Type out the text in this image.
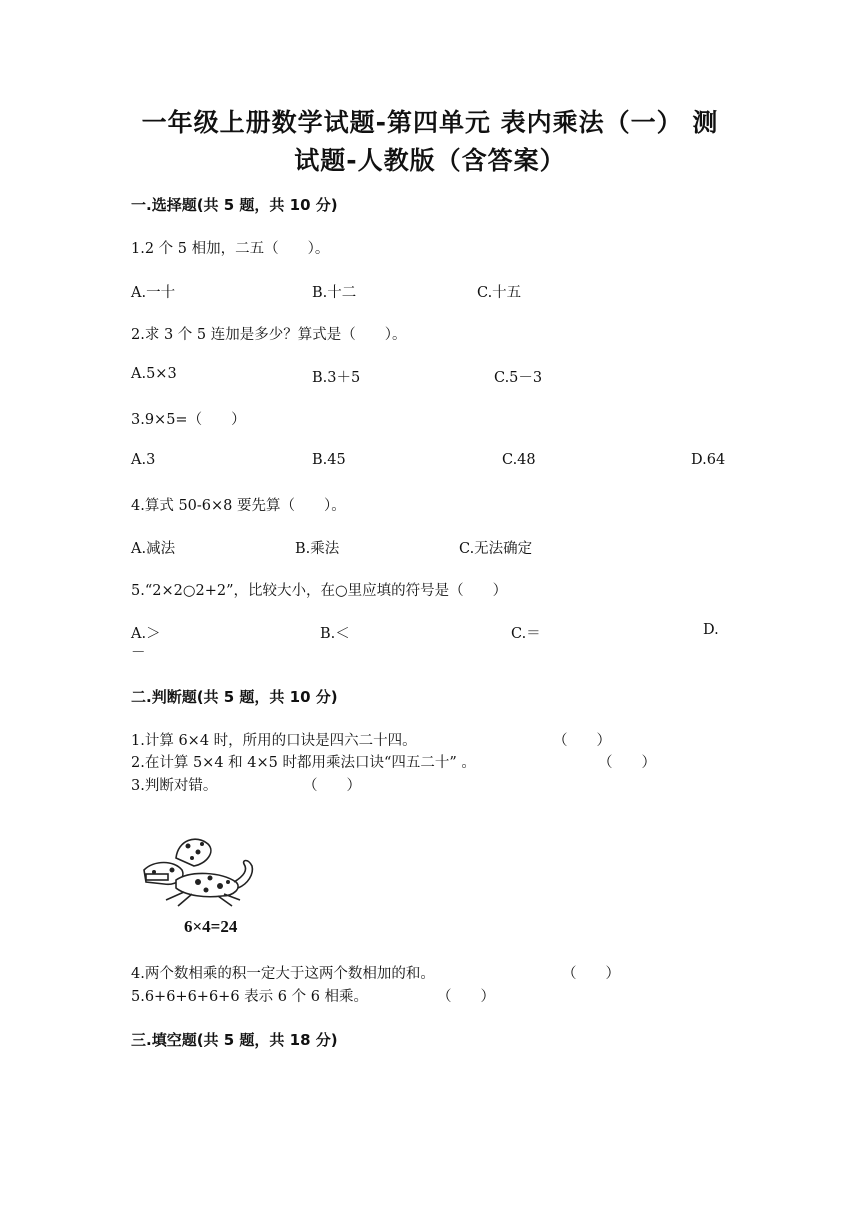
一年级上册数学试题-第四单元 表内乘法（一） 测
试题-人教版（含答案）
一.选择题(共 5 题，共 10 分)
1.2 个 5 相加，二五（　　）。
A.一十	B.十二	C.十五
2.求 3 个 5 连加是多少？算式是（　　）。
A.5×3	B.3＋5	C.5－3
3.9×5=（　　）
A.3	B.45	C.48	D.64
4.算式 50-6×8 要先算（　　）。
A.减法	B.乘法	C.无法确定
5.“2×2○2+2”，比较大小，在○里应填的符号是（　　）
A.＞	B.＜	C.＝	D.
－
二.判断题(共 5 题，共 10 分)
1.计算 6×4 时，所用的口诀是四六二十四。	（　　）
2.在计算 5×4 和 4×5 时都用乘法口诀“四五二十” 。	（　　）
3.判断对错。	（　　）
6×4=24
4.两个数相乘的积一定大于这两个数相加的和。	（　　）
5.6+6+6+6+6 表示 6 个 6 相乘。	（　　）
三.填空题(共 5 题，共 18 分)
